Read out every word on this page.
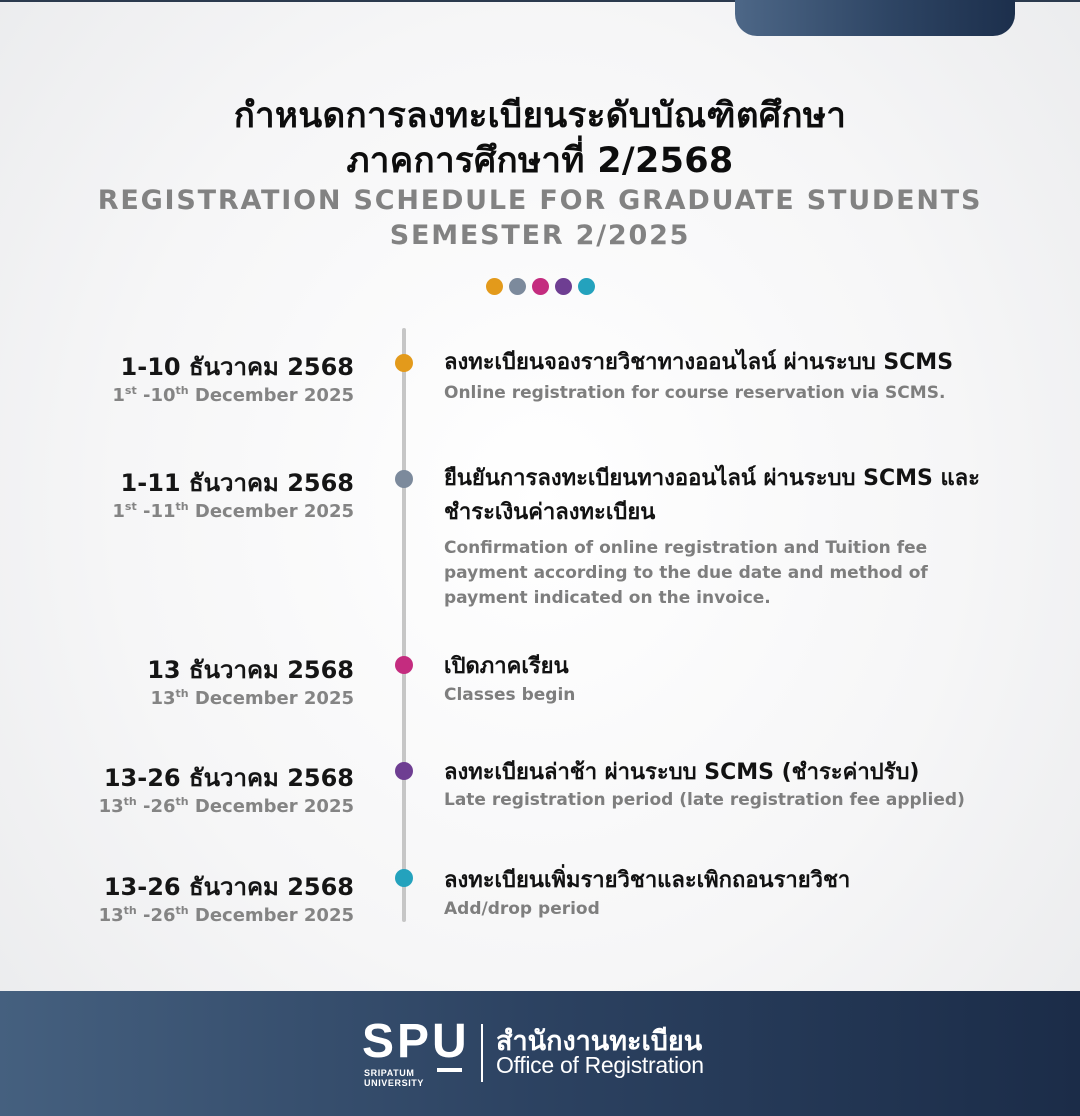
กำหนดการลงทะเบียนระดับบัณฑิตศึกษา
ภาคการศึกษาที่ 2/2568
REGISTRATION SCHEDULE FOR GRADUATE STUDENTS
SEMESTER 2/2025
1-10 ธันวาคม 2568
1st -10th December 2025
ลงทะเบียนจองรายวิชาทางออนไลน์ ผ่านระบบ SCMS
Online registration for course reservation via SCMS.
1-11 ธันวาคม 2568
1st -11th December 2025
ยืนยันการลงทะเบียนทางออนไลน์ ผ่านระบบ SCMS และชำระเงินค่าลงทะเบียน
Confirmation of online registration and Tuition fee payment according to the due date and method of payment indicated on the invoice.
13 ธันวาคม 2568
13th December 2025
เปิดภาคเรียน
Classes begin
13-26 ธันวาคม 2568
13th -26th December 2025
ลงทะเบียนล่าช้า ผ่านระบบ SCMS (ชำระค่าปรับ)
Late registration period (late registration fee applied)
13-26 ธันวาคม 2568
13th -26th December 2025
ลงทะเบียนเพิ่มรายวิชาและเพิกถอนรายวิชา
Add/drop period
SPU
SRIPATUM
UNIVERSITY
สำนักงานทะเบียน
Office of Registration
